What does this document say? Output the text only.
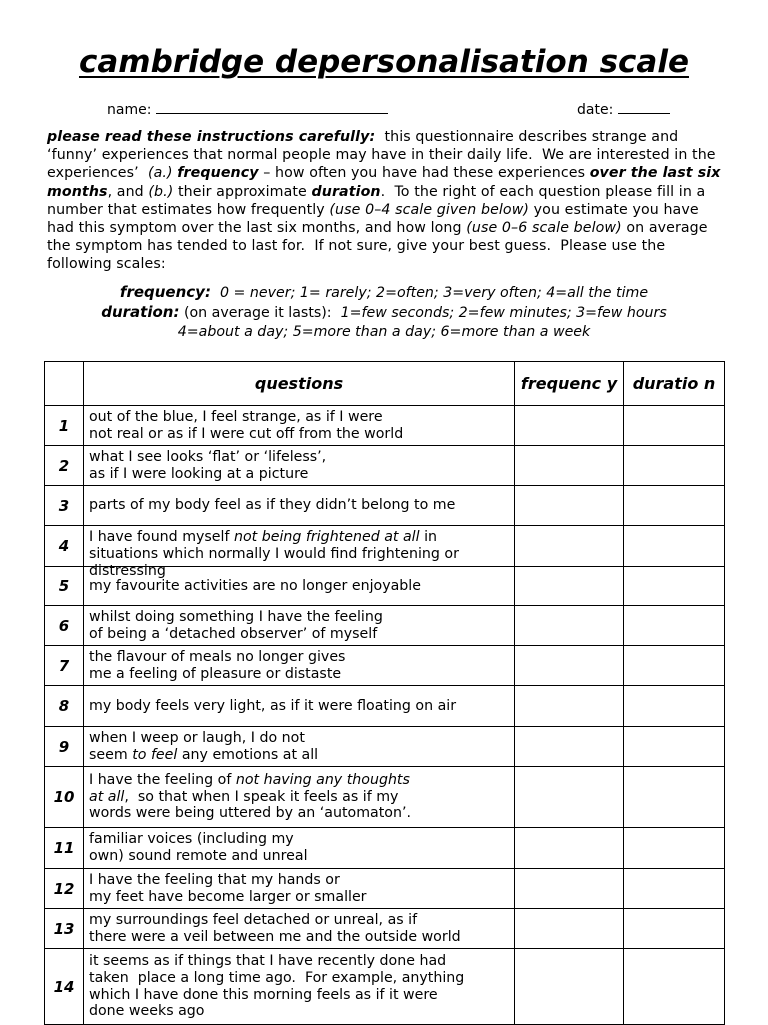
cambridge depersonalisation scale
name:	date:
please read these instructions carefully:  this questionnaire describes strange and ‘funny’ experiences that normal people may have in their daily life.  We are interested in the experiences’  (a.) frequency – how often you have had these experiences over the last six months, and (b.) their approximate duration.  To the right of each question please fill in a number that estimates how frequently (use 0–4 scale given below) you estimate you have had this symptom over the last six months, and how long (use 0–6 scale below) on average the symptom has tended to last for.  If not sure, give your best guess.  Please use the following scales:
frequency: 0 = never; 1= rarely; 2=often; 3=very often; 4=all the time
duration: (on average it lasts): 1=few seconds; 2=few minutes; 3=few hours
4=about a day; 5=more than a day; 6=more than a week
	questions	frequenc y	duratio n
1	out of the blue, I feel strange, as if I were
not real or as if I were cut off from the world		

2	what I see looks ‘flat’ or ‘lifeless’,
as if I were looking at a picture		

3	parts of my body feel as if they didn’t belong to me		

4	I have found myself not being frightened at all in situations which normally I would find frightening or distressing		

5	my favourite activities are no longer enjoyable		

6	whilst doing something I have the feeling
of being a ‘detached observer’ of myself		

7	the flavour of meals no longer gives
me a feeling of pleasure or distaste		

8	my body feels very light, as if it were floating on air		

9	when I weep or laugh, I do not
seem to feel any emotions at all		

10	I have the feeling of not having any thoughts
at all,  so that when I speak it feels as if my
words were being uttered by an ‘automaton’.		

11	familiar voices (including my
own) sound remote and unreal		

12	I have the feeling that my hands or
my feet have become larger or smaller		

13	my surroundings feel detached or unreal, as if
there were a veil between me and the outside world		

14	it seems as if things that I have recently done had
taken  place a long time ago.  For example, anything
which I have done this morning feels as if it were
done weeks ago		
